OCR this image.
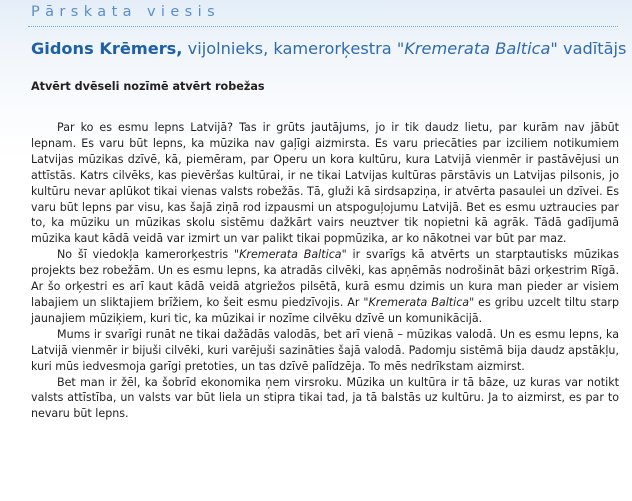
Pārskata viesis
Gidons Krēmers, vijolnieks, kamerorķestra "Kremerata Baltica" vadītājs
Atvērt dvēseli nozīmē atvērt robežas

Par ko es esmu lepns Latvijā? Tas ir grūts jautājums, jo ir tik daudz lietu, par kurām nav jābūt lepnam. Es varu būt lepns, ka mūzika nav gaļīgi aizmirsta. Es varu priecāties par izciliem notikumiem Latvijas mūzikas dzīvē, kā, piemēram, par Operu un kora kultūru, kura Latvijā vienmēr ir pastāvējusi un attīstās. Katrs cilvēks, kas pievēršas kultūrai, ir ne tikai Latvijas kultūras pārstāvis un Latvijas pilsonis, jo kultūru nevar aplūkot tikai vienas valsts robežās. Tā, gluži kā sirdsapziņa, ir atvērta pasaulei un dzīvei. Es varu būt lepns par visu, kas šajā ziņā rod izpausmi un atspoguļojumu Latvijā. Bet es esmu uztraucies par to, ka mūziku un mūzikas skolu sistēmu dažkārt vairs neuztver tik nopietni kā agrāk. Tādā gadījumā mūzika kaut kādā veidā var izmirt un var palikt tikai popmūzika, ar ko nākotnei var būt par maz.

No šī viedokļa kamerorķestris "Kremerata Baltica" ir svarīgs kā atvērts un starptautisks mūzikas projekts bez robežām. Un es esmu lepns, ka atradās cilvēki, kas apņēmās nodrošināt bāzi orķestrim Rīgā. Ar šo orķestri es arī kaut kādā veidā atgriežos pilsētā, kurā esmu dzimis un kura man pieder ar visiem labajiem un sliktajiem brīžiem, ko šeit esmu piedzīvojis. Ar "Kremerata Baltica" es gribu uzcelt tiltu starp jaunajiem mūziķiem, kuri tic, ka mūzikai ir nozīme cilvēku dzīvē un komunikācijā.

Mums ir svarīgi runāt ne tikai dažādās valodās, bet arī vienā – mūzikas valodā. Un es esmu lepns, ka Latvijā vienmēr ir bijuši cilvēki, kuri varējuši sazināties šajā valodā. Padomju sistēmā bija daudz apstākļu, kuri mūs iedvesmoja garīgi pretoties, un tas dzīvē palīdzēja. To mēs nedrīkstam aizmirst.

Bet man ir žēl, ka šobrīd ekonomika ņem virsroku. Mūzika un kultūra ir tā bāze, uz kuras var notikt valsts attīstība, un valsts var būt liela un stipra tikai tad, ja tā balstās uz kultūru. Ja to aizmirst, es par to nevaru būt lepns.
